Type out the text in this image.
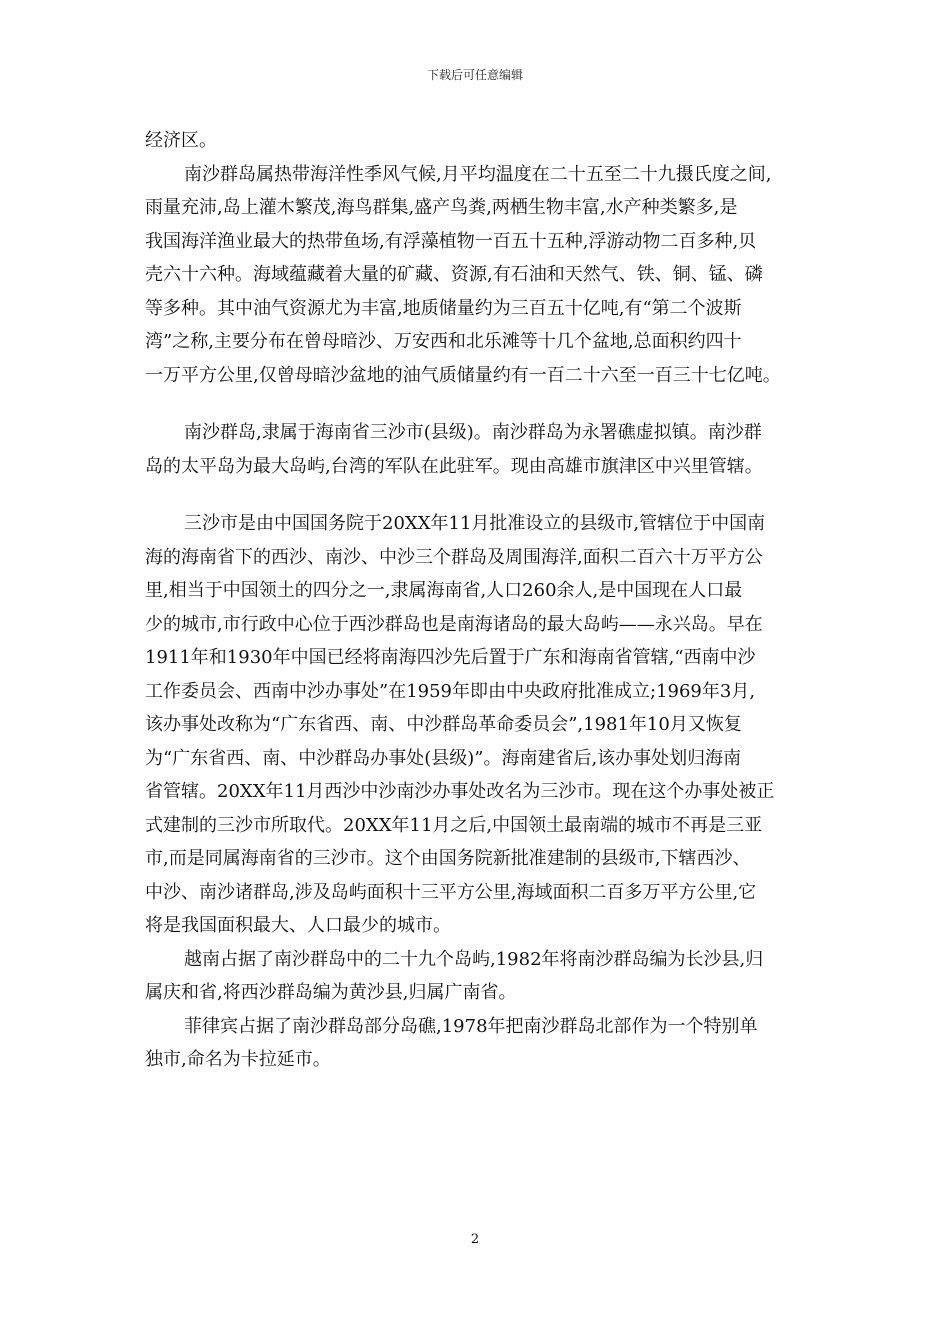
下载后可任意编辑
经济区。
南沙群岛属热带海洋性季风气候,月平均温度在二十五至二十九摄氏度之间,
雨量充沛,岛上灌木繁茂,海鸟群集,盛产鸟粪,两栖生物丰富,水产种类繁多,是
我国海洋渔业最大的热带鱼场,有浮藻植物一百五十五种,浮游动物二百多种,贝
壳六十六种。海域蕴藏着大量的矿藏、资源,有石油和天然气、铁、铜、锰、磷
等多种。其中油气资源尤为丰富,地质储量约为三百五十亿吨,有“第二个波斯
湾”之称,主要分布在曾母暗沙、万安西和北乐滩等十几个盆地,总面积约四十
一万平方公里,仅曾母暗沙盆地的油气质储量约有一百二十六至一百三十七亿吨。
南沙群岛,隶属于海南省三沙市(县级)。南沙群岛为永署礁虚拟镇。南沙群
岛的太平岛为最大岛屿,台湾的军队在此驻军。现由高雄市旗津区中兴里管辖。
三沙市是由中国国务院于20XX年11月批准设立的县级市,管辖位于中国南
海的海南省下的西沙、南沙、中沙三个群岛及周围海洋,面积二百六十万平方公
里,相当于中国领土的四分之一,隶属海南省,人口260余人,是中国现在人口最
少的城市,市行政中心位于西沙群岛也是南海诸岛的最大岛屿——永兴岛。早在
1911年和1930年中国已经将南海四沙先后置于广东和海南省管辖,“西南中沙
工作委员会、西南中沙办事处”在1959年即由中央政府批准成立;1969年3月,
该办事处改称为“广东省西、南、中沙群岛革命委员会”,1981年10月又恢复
为“广东省西、南、中沙群岛办事处(县级)”。海南建省后,该办事处划归海南
省管辖。20XX年11月西沙中沙南沙办事处改名为三沙市。现在这个办事处被正
式建制的三沙市所取代。20XX年11月之后,中国领土最南端的城市不再是三亚
市,而是同属海南省的三沙市。这个由国务院新批准建制的县级市,下辖西沙、
中沙、南沙诸群岛,涉及岛屿面积十三平方公里,海域面积二百多万平方公里,它
将是我国面积最大、人口最少的城市。
越南占据了南沙群岛中的二十九个岛屿,1982年将南沙群岛编为长沙县,归
属庆和省,将西沙群岛编为黄沙县,归属广南省。
菲律宾占据了南沙群岛部分岛礁,1978年把南沙群岛北部作为一个特别单
独市,命名为卡拉延市。
2
